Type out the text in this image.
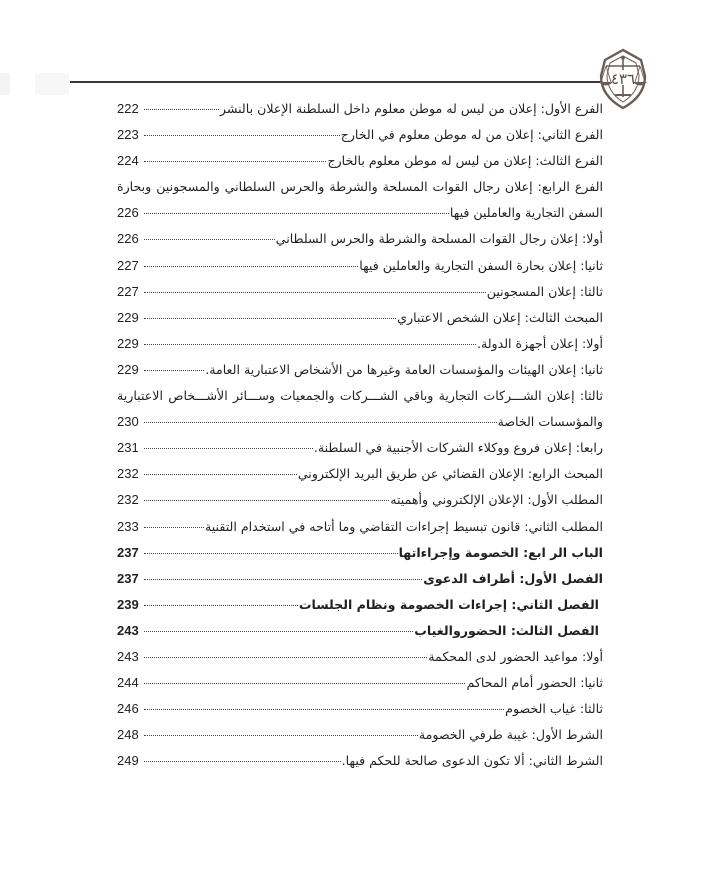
٤٣٦
الفرع الأول: إعلان من ليس له موطن معلوم داخل السلطنة الإعلان بالنشر
222
الفرع الثاني: إعلان من له موطن معلوم في الخارج
223
الفرع الثالث: إعلان من ليس له موطن معلوم بالخارج
224
الفرع الرابع: إعلان رجال القوات المسلحة والشرطة والحرس السلطاني والمسجونين وبحارة
السفن التجارية والعاملين فيها
226
أولا: إعلان رجال القوات المسلحة والشرطة والحرس السلطاني
226
ثانيا: إعلان بحارة السفن التجارية والعاملين فيها
227
ثالثا: إعلان المسجونين
227
المبحث الثالث: إعلان الشخص الاعتباري
229
أولا: إعلان أجهزة الدولة.
229
ثانيا: إعلان الهيئات والمؤسسات العامة وغيرها من الأشخاص الاعتبارية العامة.
229
ثالثا: إعلان الشـــركات التجارية وباقي الشـــركات والجمعيات وســـائر الأشـــخاص الاعتبارية
والمؤسسات الخاصة
230
رابعا: إعلان فروع ووكلاء الشركات الأجنبية في السلطنة.
231
المبحث الرابع: الإعلان القضائي عن طريق البريد الإلكتروني
232
المطلب الأول: الإعلان الإلكتروني وأهميته
232
المطلب الثاني: قانون تبسيط إجراءات التقاضي وما أتاحه في استخدام التقنية
233
الباب الر ابع: الخصومة وإجراءاتها
237
الفصل الأول: أطراف الدعوى
237
الفصل الثاني: إجراءات الخصومة ونظام الجلسات
239
الفصل الثالث: الحضوروالغياب
243
أولا: مواعيد الحضور لدى المحكمة
243
ثانيا: الحضور أمام المحاكم
244
ثالثا: غياب الخصوم
246
الشرط الأول: غيبة طرفي الخصومة
248
الشرط الثاني: ألا تكون الدعوى صالحة للحكم فيها.
249
